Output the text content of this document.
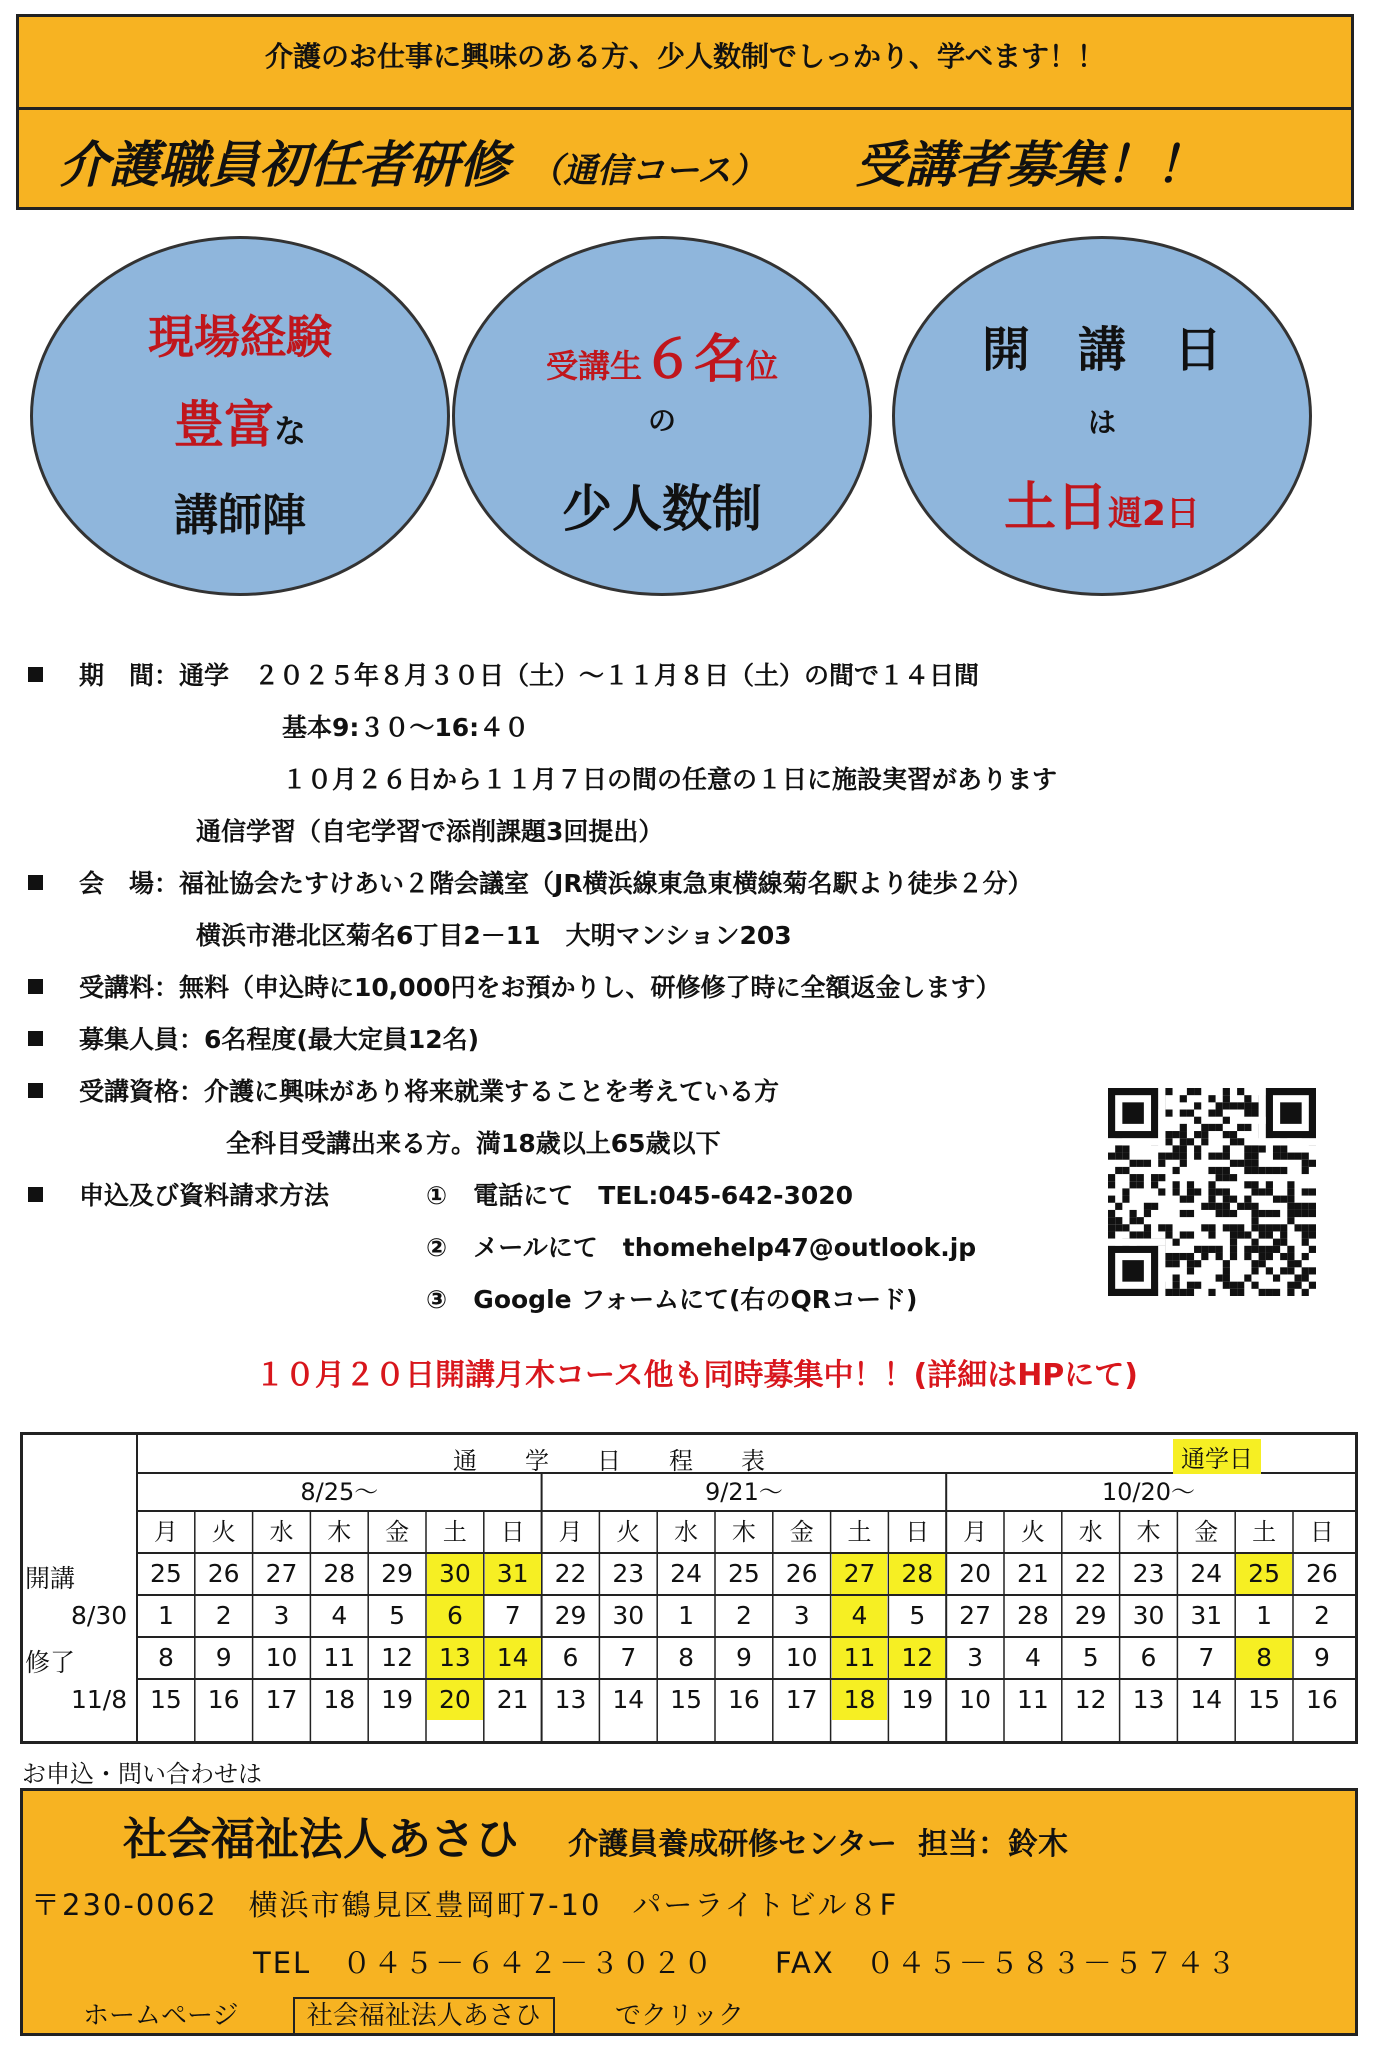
介護のお仕事に興味のある方、少人数制でしっかり、学べます！！
介護職員初任者研修 （通信コース） 受講者募集！！
現場経験
豊富な
講師陣
受講生６名位
の
少人数制
開　講　日
は
土日週2日
期　間：通学　２０２５年８月３０日（土）～１１月８日（土）の間で１４日間
基本9:３０～16:４０
１０月２６日から１１月７日の間の任意の１日に施設実習があります
通信学習（自宅学習で添削課題3回提出）
会　場：福祉協会たすけあい２階会議室（JR横浜線東急東横線菊名駅より徒歩２分）
横浜市港北区菊名6丁目2－11　大明マンション203
受講料：無料（申込時に10,000円をお預かりし、研修修了時に全額返金します）
募集人員：6名程度(最大定員12名)
受講資格：介護に興味があり将来就業することを考えている方
全科目受講出来る方。満18歳以上65歳以下
申込及び資料請求方法	① 電話にて　TEL:045-642-3020
② メールにて　thomehelp47@outlook.jp
③ Google フォームにて(右のQRコード)
１０月２０日開講月木コース他も同時募集中！！(詳細はHPにて)
通　　学　　日　　程　　表	通学日
8/25～
月	火	水	木	金	土	日
25	26	27	28	29	30	31
1	2	3	4	5	6	7
8	9	10	11	12	13	14
15	16	17	18	19	20	21
9/21～
月	火	水	木	金	土	日
22	23	24	25	26	27	28
29	30	1	2	3	4	5
6	7	8	9	10	11	12
13	14	15	16	17	18	19
10/20～
月	火	水	木	金	土	日
20	21	22	23	24	25	26
27	28	29	30	31	1	2
3	4	5	6	7	8	9
10	11	12	13	14	15	16
開講
8/30
修了
11/8
お申込・問い合わせは
社会福祉法人あさひ 介護員養成研修センター 担当：鈴木
〒230-0062　横浜市鶴見区豊岡町7-10　パーライトビル８F
TEL　０４５－６４２－３０２０ FAX　０４５－５８３－５７４３
ホームページ	社会福祉法人あさひ	でクリック
